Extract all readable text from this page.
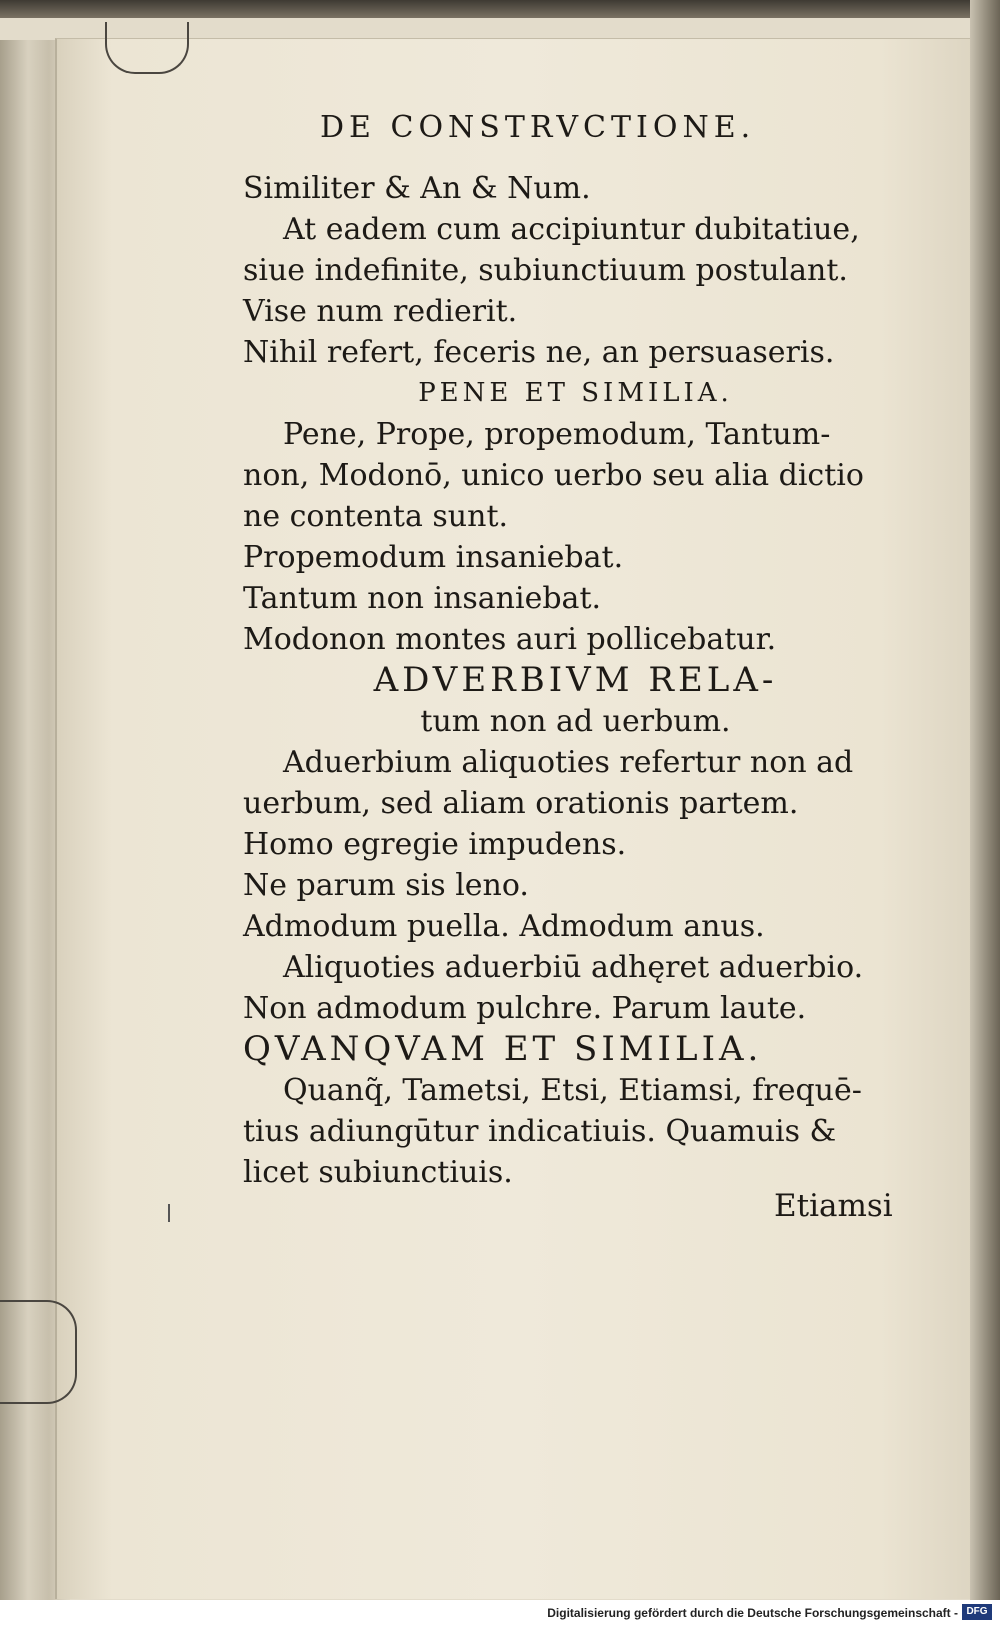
DE CONSTRVCTIONE.
Similiter & An & Num.
At eadem cum accipiuntur dubitatiue,
siue indefinite, subiunctiuum postulant.
Vise num redierit.
Nihil refert, feceris ne, an persuaseris.
PENE ET SIMILIA.
Pene, Prope, propemodum, Tantum-
non, Modonō, unico uerbo seu alia dictio
ne contenta sunt.
Propemodum insaniebat.
Tantum non insaniebat.
Modonon montes auri pollicebatur.
ADVERBIVM RELA-
tum non ad uerbum.
Aduerbium aliquoties refertur non ad
uerbum, sed aliam orationis partem.
Homo egregie impudens.
Ne parum sis leno.
Admodum puella. Admodum anus.
Aliquoties aduerbiū adhęret aduerbio.
Non admodum pulchre. Parum laute.
QVANQVAM ET SIMILIA.
Quanq̃, Tametsi, Etsi, Etiamsi, frequē-
tius adiungūtur indicatiuis. Quamuis &
licet subiunctiuis.
Etiamsi
Digitalisierung gefördert durch die Deutsche Forschungsgemeinschaft - DFG
